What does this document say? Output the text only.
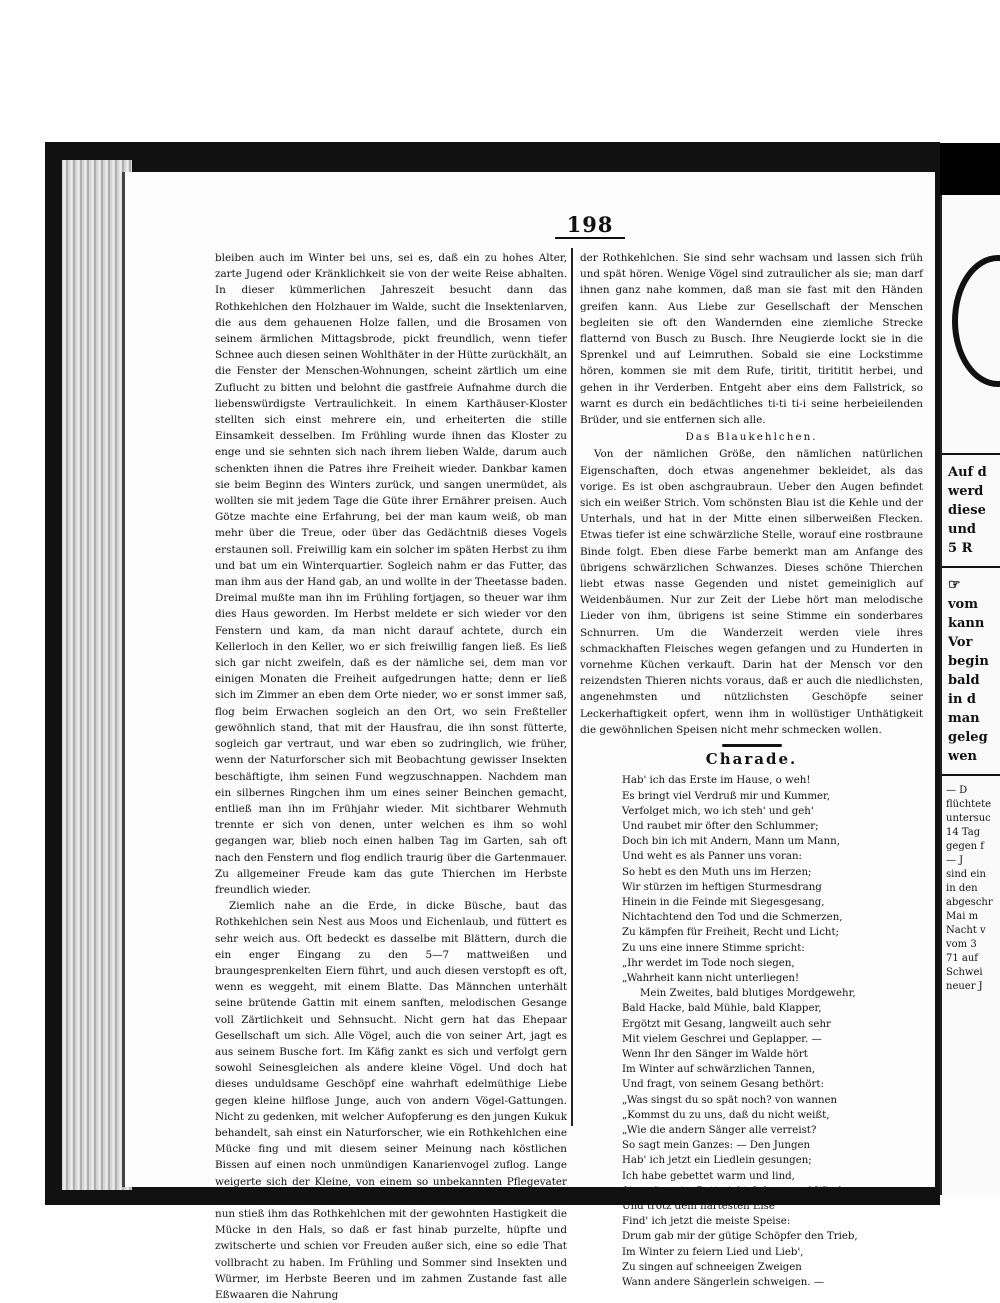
198

bleiben auch im Winter bei uns, sei es, daß ein zu hohes Alter, zarte Jugend oder Kränklichkeit sie von der weite Reise abhalten. In dieser kümmerlichen Jahreszeit besucht dann das Rothkehlchen den Holzhauer im Walde, sucht die Insektenlarven, die aus dem gehauenen Holze fallen, und die Brosamen von seinem ärmlichen Mittagsbrode, pickt freundlich, wenn tiefer Schnee auch diesen seinen Wohlthäter in der Hütte zurückhält, an die Fenster der Menschen-Wohnungen, scheint zärtlich um eine Zuflucht zu bitten und belohnt die gastfreie Aufnahme durch die liebenswürdigste Vertraulichkeit. In einem Karthäuser-Kloster stellten sich einst mehrere ein, und erheiterten die stille Einsamkeit desselben. Im Frühling wurde ihnen das Kloster zu enge und sie sehnten sich nach ihrem lieben Walde, darum auch schenkten ihnen die Patres ihre Freiheit wieder. Dankbar kamen sie beim Beginn des Winters zurück, und sangen unermüdet, als wollten sie mit jedem Tage die Güte ihrer Ernährer preisen. Auch Götze machte eine Erfahrung, bei der man kaum weiß, ob man mehr über die Treue, oder über das Gedächtniß dieses Vogels erstaunen soll. Freiwillig kam ein solcher im späten Herbst zu ihm und bat um ein Winterquartier. Sogleich nahm er das Futter, das man ihm aus der Hand gab, an und wollte in der Theetasse baden. Dreimal mußte man ihn im Frühling fortjagen, so theuer war ihm dies Haus geworden. Im Herbst meldete er sich wieder vor den Fenstern und kam, da man nicht darauf achtete, durch ein Kellerloch in den Keller, wo er sich freiwillig fangen ließ. Es ließ sich gar nicht zweifeln, daß es der nämliche sei, dem man vor einigen Monaten die Freiheit aufgedrungen hatte; denn er ließ sich im Zimmer an eben dem Orte nieder, wo er sonst immer saß, flog beim Erwachen sogleich an den Ort, wo sein Freßteller gewöhnlich stand, that mit der Hausfrau, die ihn sonst fütterte, sogleich gar vertraut, und war eben so zudringlich, wie früher, wenn der Naturforscher sich mit Beobachtung gewisser Insekten beschäftigte, ihm seinen Fund wegzuschnappen. Nachdem man ein silbernes Ringchen ihm um eines seiner Beinchen gemacht, entließ man ihn im Frühjahr wieder. Mit sichtbarer Wehmuth trennte er sich von denen, unter welchen es ihm so wohl gegangen war, blieb noch einen halben Tag im Garten, sah oft nach den Fenstern und flog endlich traurig über die Gartenmauer. Zu allgemeiner Freude kam das gute Thierchen im Herbste freundlich wieder.

Ziemlich nahe an die Erde, in dicke Büsche, baut das Rothkehlchen sein Nest aus Moos und Eichenlaub, und füttert es sehr weich aus. Oft bedeckt es dasselbe mit Blättern, durch die ein enger Eingang zu den 5—7 mattweißen und braungesprenkelten Eiern führt, und auch diesen verstopft es oft, wenn es weggeht, mit einem Blatte. Das Männchen unterhält seine brütende Gattin mit einem sanften, melodischen Gesange voll Zärtlichkeit und Sehnsucht. Nicht gern hat das Ehepaar Gesellschaft um sich. Alle Vögel, auch die von seiner Art, jagt es aus seinem Busche fort. Im Käfig zankt es sich und verfolgt gern sowohl Seinesgleichen als andere kleine Vögel. Und doch hat dieses unduldsame Geschöpf eine wahrhaft edelmüthige Liebe gegen kleine hilflose Junge, auch von andern Vögel-Gattungen. Nicht zu gedenken, mit welcher Aufopferung es den jungen Kukuk behandelt, sah einst ein Naturforscher, wie ein Rothkehlchen eine Mücke fing und mit diesem seiner Meinung nach köstlichen Bissen auf einen noch unmündigen Kanarienvogel zuflog. Lange weigerte sich der Kleine, von einem so unbekannten Pflegevater etwas anzunehmen; endlich öffnete er doch den Schnabel, und nun stieß ihm das Rothkehlchen mit der gewohnten Hastigkeit die Mücke in den Hals, so daß er fast hinab purzelte, hüpfte und zwitscherte und schien vor Freuden außer sich, eine so edle That vollbracht zu haben. Im Frühling und Sommer sind Insekten und Würmer, im Herbste Beeren und im zahmen Zustande fast alle Eßwaaren die Nahrung

der Rothkehlchen. Sie sind sehr wachsam und lassen sich früh und spät hören. Wenige Vögel sind zutraulicher als sie; man darf ihnen ganz nahe kommen, daß man sie fast mit den Händen greifen kann. Aus Liebe zur Gesellschaft der Menschen begleiten sie oft den Wandernden eine ziemliche Strecke flatternd von Busch zu Busch. Ihre Neugierde lockt sie in die Sprenkel und auf Leimruthen. Sobald sie eine Lockstimme hören, kommen sie mit dem Rufe, tiritit, tirititit herbei, und gehen in ihr Verderben. Entgeht aber eins dem Fallstrick, so warnt es durch ein bedächtliches ti-ti ti-i seine herbeieilenden Brüder, und sie entfernen sich alle.

Das Blaukehlchen.

Von der nämlichen Größe, den nämlichen natürlichen Eigenschaften, doch etwas angenehmer bekleidet, als das vorige. Es ist oben aschgraubraun. Ueber den Augen befindet sich ein weißer Strich. Vom schönsten Blau ist die Kehle und der Unterhals, und hat in der Mitte einen silberweißen Flecken. Etwas tiefer ist eine schwärzliche Stelle, worauf eine rostbraune Binde folgt. Eben diese Farbe bemerkt man am Anfange des übrigens schwärzlichen Schwanzes. Dieses schöne Thierchen liebt etwas nasse Gegenden und nistet gemeiniglich auf Weidenbäumen. Nur zur Zeit der Liebe hört man melodische Lieder von ihm, übrigens ist seine Stimme ein sonderbares Schnurren. Um die Wanderzeit werden viele ihres schmackhaften Fleisches wegen gefangen und zu Hunderten in vornehme Küchen verkauft. Darin hat der Mensch vor den reizendsten Thieren nichts voraus, daß er auch die niedlichsten, angenehmsten und nützlichsten Geschöpfe seiner Leckerhaftigkeit opfert, wenn ihm in wollüstiger Unthätigkeit die gewöhnlichen Speisen nicht mehr schmecken wollen.

Charade.
Hab' ich das Erste im Hause, o weh!
Es bringt viel Verdruß mir und Kummer,
Verfolget mich, wo ich steh' und geh'
Und raubet mir öfter den Schlummer;
Doch bin ich mit Andern, Mann um Mann,
Und weht es als Panner uns voran:
So hebt es den Muth uns im Herzen;
Wir stürzen im heftigen Sturmesdrang
Hinein in die Feinde mit Siegesgesang,
Nichtachtend den Tod und die Schmerzen,
Zu kämpfen für Freiheit, Recht und Licht;
Zu uns eine innere Stimme spricht:
„Ihr werdet im Tode noch siegen,
„Wahrheit kann nicht unterliegen!
Mein Zweites, bald blutiges Mordgewehr,
Bald Hacke, bald Mühle, bald Klapper,
Ergötzt mit Gesang, langweilt auch sehr
Mit vielem Geschrei und Geplapper. —
Wenn Ihr den Sänger im Walde hört
Im Winter auf schwärzlichen Tannen,
Und fragt, von seinem Gesang bethört:
„Was singst du so spät noch? von wannen
„Kommst du zu uns, daß du nicht weißt,
„Wie die andern Sänger alle verreist?
So sagt mein Ganzes: — Den Jungen
Hab' ich jetzt ein Liedlein gesungen;
Ich habe gebettet warm und lind,
Sie spüren im Bett nicht Schnee und Wind;
Und trotz dem härtesten Eise
Find' ich jetzt die meiste Speise:
Drum gab mir der gütige Schöpfer den Trieb,
Im Winter zu feiern Lied und Lieb',
Zu singen auf schneeigen Zweigen
Wann andere Sängerlein schweigen. —
Auf d
werd
diese
und
5 R
☞
vom
kann
Vor
begin
bald
in d
man
geleg
wen
— D
flüchtete
untersuc
14 Tag
gegen f
— J
sind ein
in den
abgeschr
Mai m
Nacht v
vom 3
71 auf
Schwei
neuer J
